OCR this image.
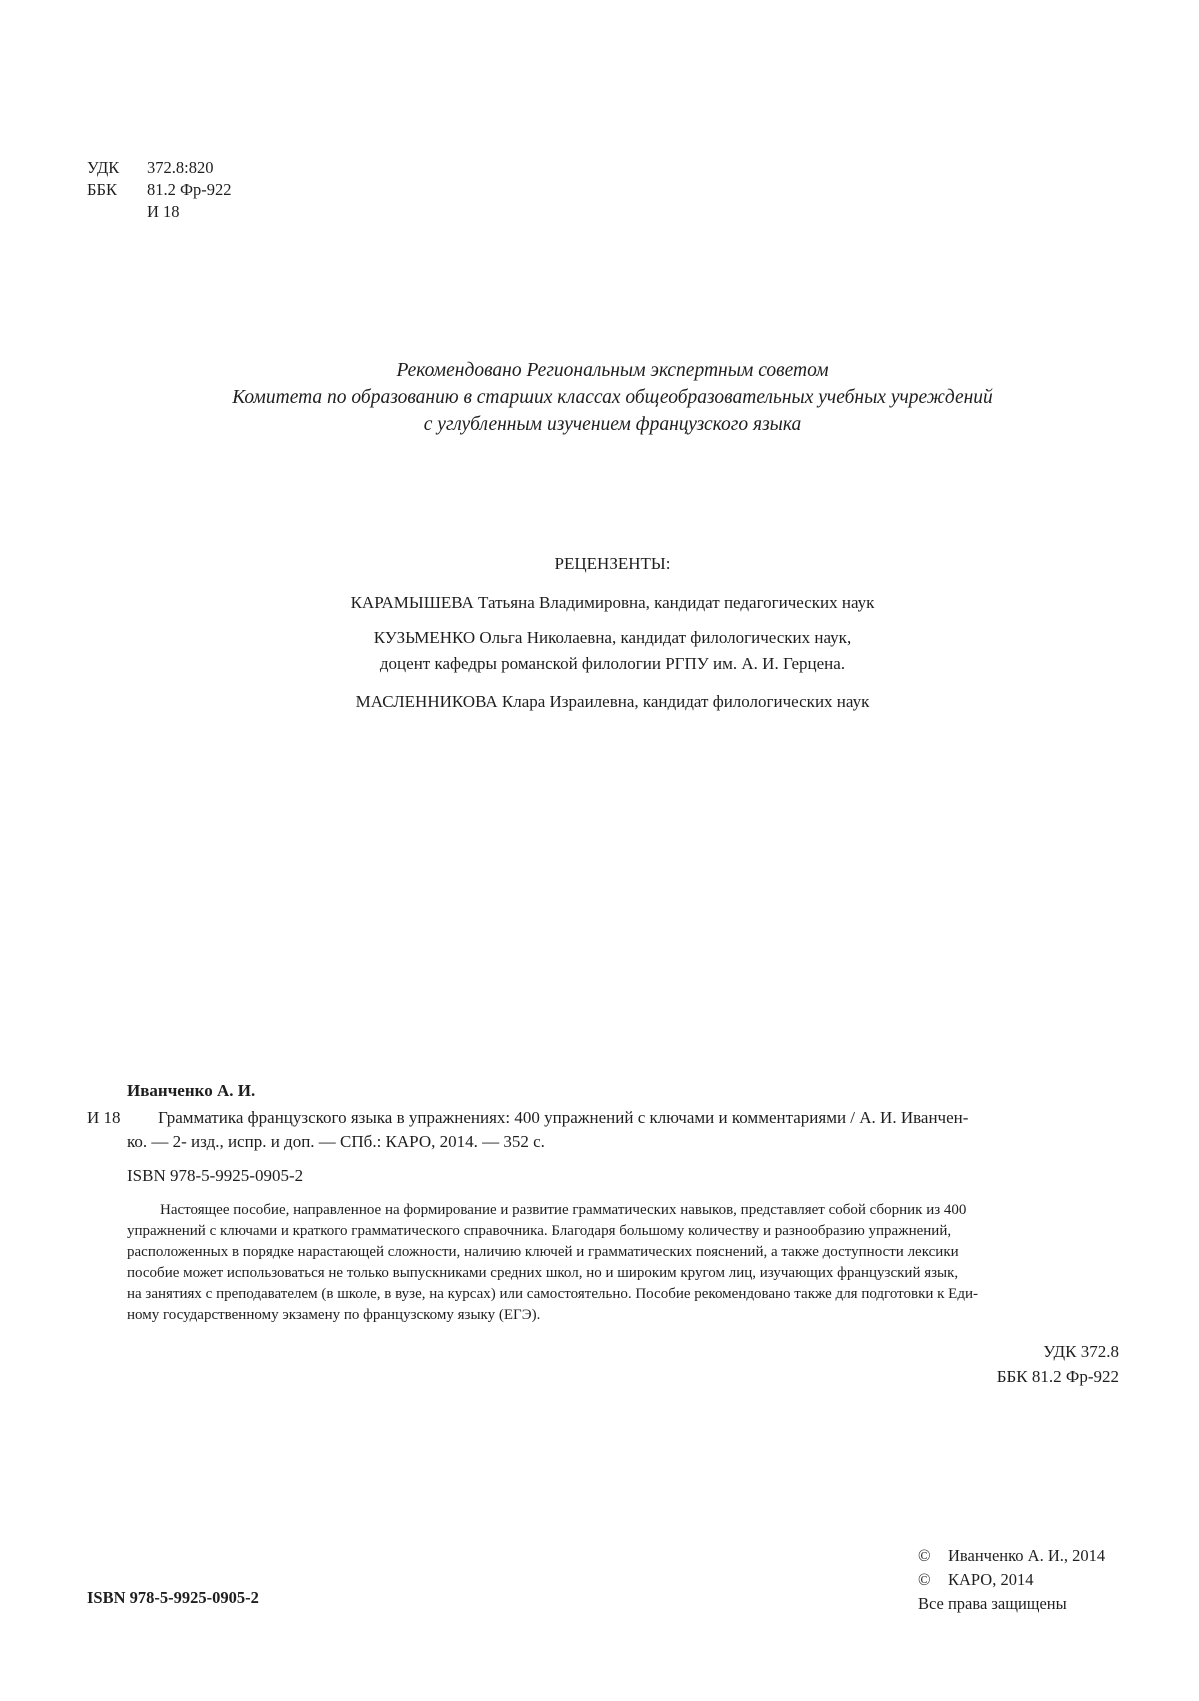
УДК	372.8:820
ББК	81.2 Фр-922
И 18
Рекомендовано Региональным экспертным советом
Комитета по образованию в старших классах общеобразовательных учебных учреждений
с углубленным изучением французского языка
РЕЦЕНЗЕНТЫ:
КАРАМЫШЕВА Татьяна Владимировна, кандидат педагогических наук
КУЗЬМЕНКО Ольга Николаевна, кандидат филологических наук,
доцент кафедры романской филологии РГПУ им. А. И. Герцена.
МАСЛЕННИКОВА Клара Израилевна, кандидат филологических наук
Иванченко А. И.
И 18 Грамматика французского языка в упражнениях: 400 упражнений с ключами и комментариями / А. И. Иванчен-
ко. — 2- изд., испр. и доп. — СПб.: КАРО, 2014. — 352 с.
ISBN 978-5-9925-0905-2
Настоящее пособие, направленное на формирование и развитие грамматических навыков, представляет собой сборник из 400
упражнений с ключами и краткого грамматического справочника. Благодаря большому количеству и разнообразию упражнений,
расположенных в порядке нарастающей сложности, наличию ключей и грамматических пояснений, а также доступности лексики
пособие может использоваться не только выпускниками средних школ, но и широким кругом лиц, изучающих французский язык,
на занятиях с преподавателем (в школе, в вузе, на курсах) или самостоятельно. Пособие рекомендовано также для подготовки к Еди-
ному государственному экзамену по французскому языку (ЕГЭ).
УДК 372.8
ББК 81.2 Фр-922
©	Иванченко А. И., 2014
©	КАРО, 2014
Все права защищены
ISBN 978-5-9925-0905-2
